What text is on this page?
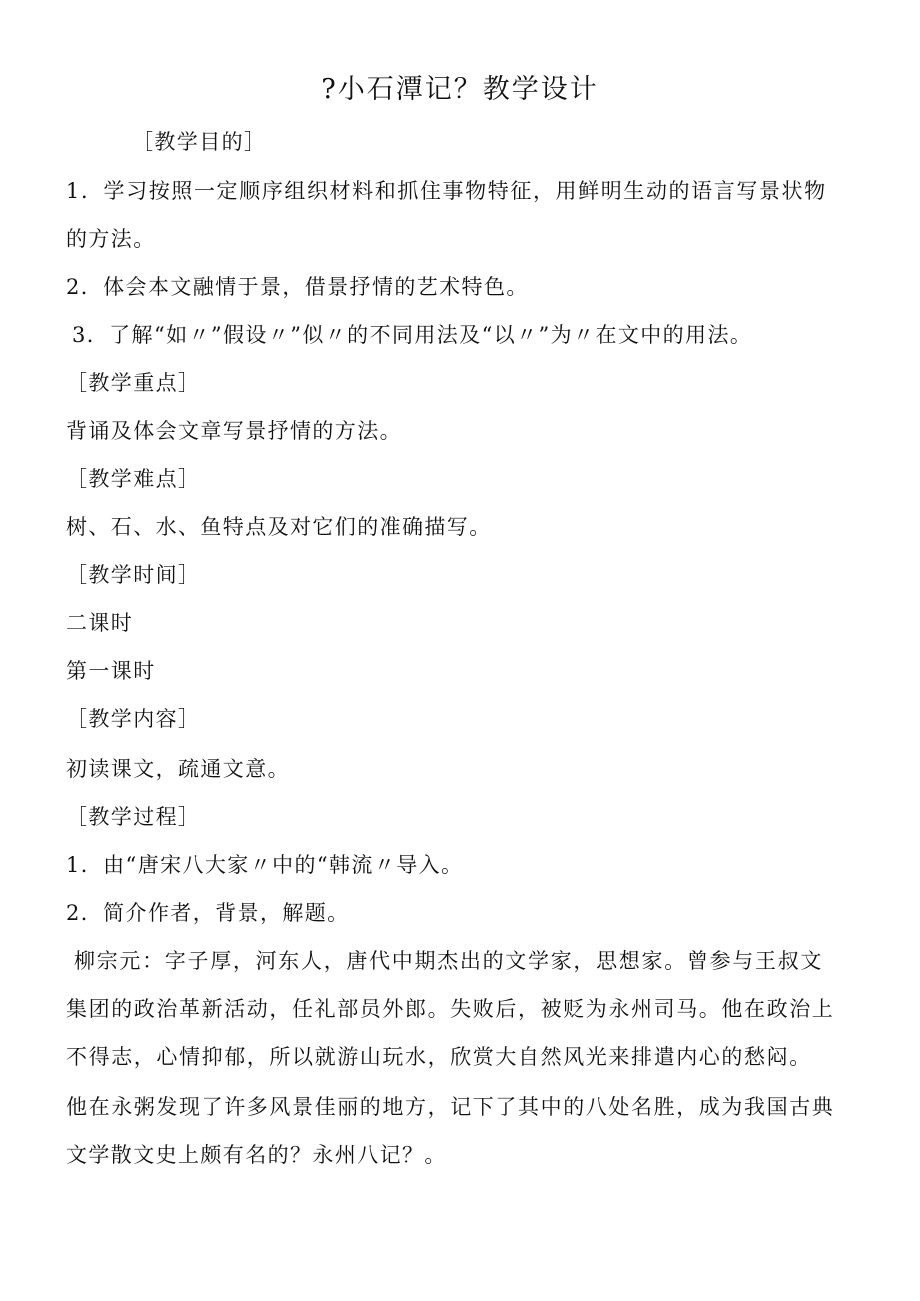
?小石潭记？教学设计
［教学目的］
1．学习按照一定顺序组织材料和抓住事物特征，用鲜明生动的语言写景状物
的方法。
2．体会本文融情于景，借景抒情的艺术特色。
3．了解“如〃”假设〃”似〃的不同用法及“以〃”为〃在文中的用法。
［教学重点］
背诵及体会文章写景抒情的方法。
［教学难点］
树、石、水、鱼特点及对它们的准确描写。
［教学时间］
二课时
第一课时
［教学内容］
初读课文，疏通文意。
［教学过程］
1．由“唐宋八大家〃中的“韩流〃导入。
2．简介作者，背景，解题。
柳宗元：字子厚，河东人，唐代中期杰出的文学家，思想家。曾参与王叔文
集团的政治革新活动，任礼部员外郎。失败后，被贬为永州司马。他在政治上
不得志，心情抑郁，所以就游山玩水，欣赏大自然风光来排遣内心的愁闷。
他在永粥发现了许多风景佳丽的地方，记下了其中的八处名胜，成为我国古典
文学散文史上颇有名的？永州八记？。
